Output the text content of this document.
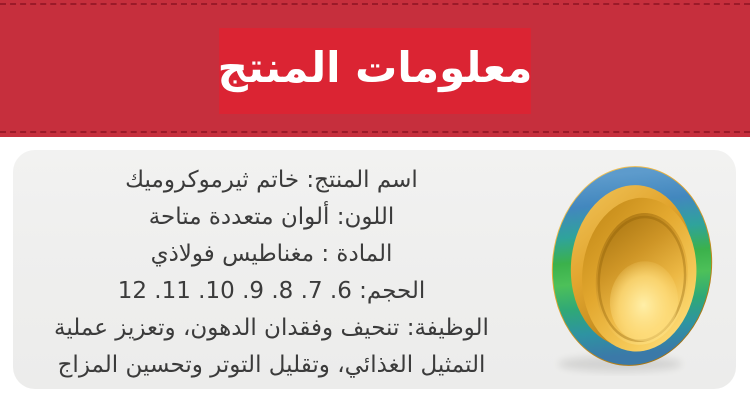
معلومات المنتج
اسم المنتج: خاتم ثيرموكروميك
اللون: ألوان متعددة متاحة
المادة : مغناطيس فولاذي
الحجم: 6. 7. 8. 9. 10. 11. 12
الوظيفة: تنحيف وفقدان الدهون، وتعزيز عملية التمثيل الغذائي، وتقليل التوتر وتحسين المزاج
